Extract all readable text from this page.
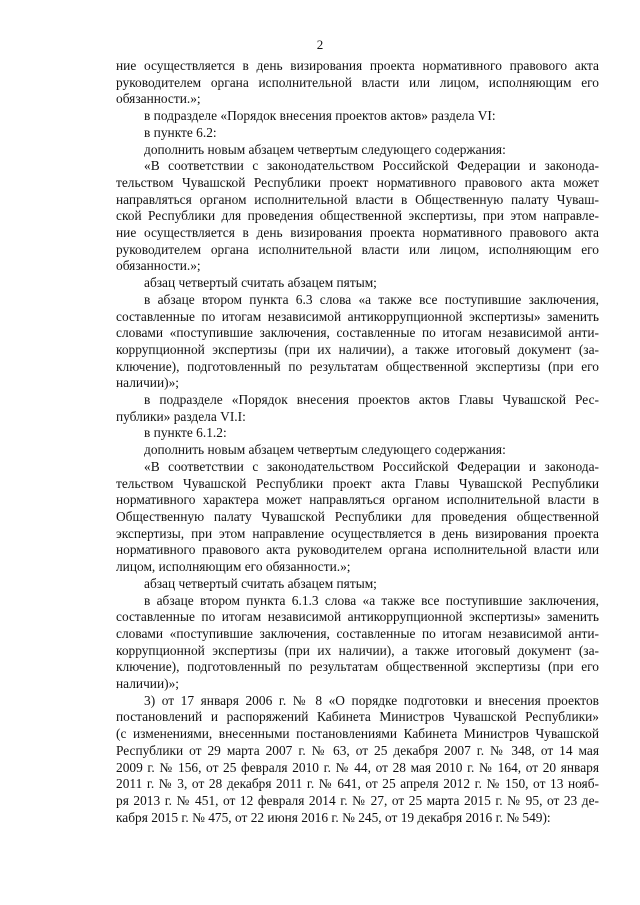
2

ние осуществляется в день визирования проекта нормативного правового акта

руководителем органа исполнительной власти или лицом, исполняющим его

обязанности.»;

в подразделе «Порядок внесения проектов актов» раздела VI:

в пункте 6.2:

дополнить новым абзацем четвертым следующего содержания:

«В соответствии с законодательством Российской Федерации и законода-

тельством Чувашской Республики проект нормативного правового акта может

направляться органом исполнительной власти в Общественную палату Чуваш-

ской Республики для проведения общественной экспертизы, при этом направле-

ние осуществляется в день визирования проекта нормативного правового акта

руководителем органа исполнительной власти или лицом, исполняющим его

обязанности.»;

абзац четвертый считать абзацем пятым;

в абзаце втором пункта 6.3 слова «а также все поступившие заключения,

составленные по итогам независимой антикоррупционной экспертизы» заменить

словами «поступившие заключения, составленные по итогам независимой анти-

коррупционной экспертизы (при их наличии), а также итоговый документ (за-

ключение), подготовленный по результатам общественной экспертизы (при его

наличии)»;

в подразделе «Порядок внесения проектов актов Главы Чувашской Рес-

публики» раздела VI.I:

в пункте 6.1.2:

дополнить новым абзацем четвертым следующего содержания:

«В соответствии с законодательством Российской Федерации и законода-

тельством Чувашской Республики проект акта Главы Чувашской Республики

нормативного характера может направляться органом исполнительной власти в

Общественную палату Чувашской Республики для проведения общественной

экспертизы, при этом направление осуществляется в день визирования проекта

нормативного правового акта руководителем органа исполнительной власти или

лицом, исполняющим его обязанности.»;

абзац четвертый считать абзацем пятым;

в абзаце втором пункта 6.1.3 слова «а также все поступившие заключения,

составленные по итогам независимой антикоррупционной экспертизы» заменить

словами «поступившие заключения, составленные по итогам независимой анти-

коррупционной экспертизы (при их наличии), а также итоговый документ (за-

ключение), подготовленный по результатам общественной экспертизы (при его

наличии)»;

3) от 17 января 2006 г. № 8 «О порядке подготовки и внесения проектов

постановлений и распоряжений Кабинета Министров Чувашской Республики»

(с изменениями, внесенными постановлениями Кабинета Министров Чувашской

Республики от 29 марта 2007 г. № 63, от 25 декабря 2007 г. № 348, от 14 мая

2009 г. № 156, от 25 февраля 2010 г. № 44, от 28 мая 2010 г. № 164, от 20 января

2011 г. № 3, от 28 декабря 2011 г. № 641, от 25 апреля 2012 г. № 150, от 13 нояб-

ря 2013 г. № 451, от 12 февраля 2014 г. № 27, от 25 марта 2015 г. № 95, от 23 де-

кабря 2015 г. № 475, от 22 июня 2016 г. № 245, от 19 декабря 2016 г. № 549):
